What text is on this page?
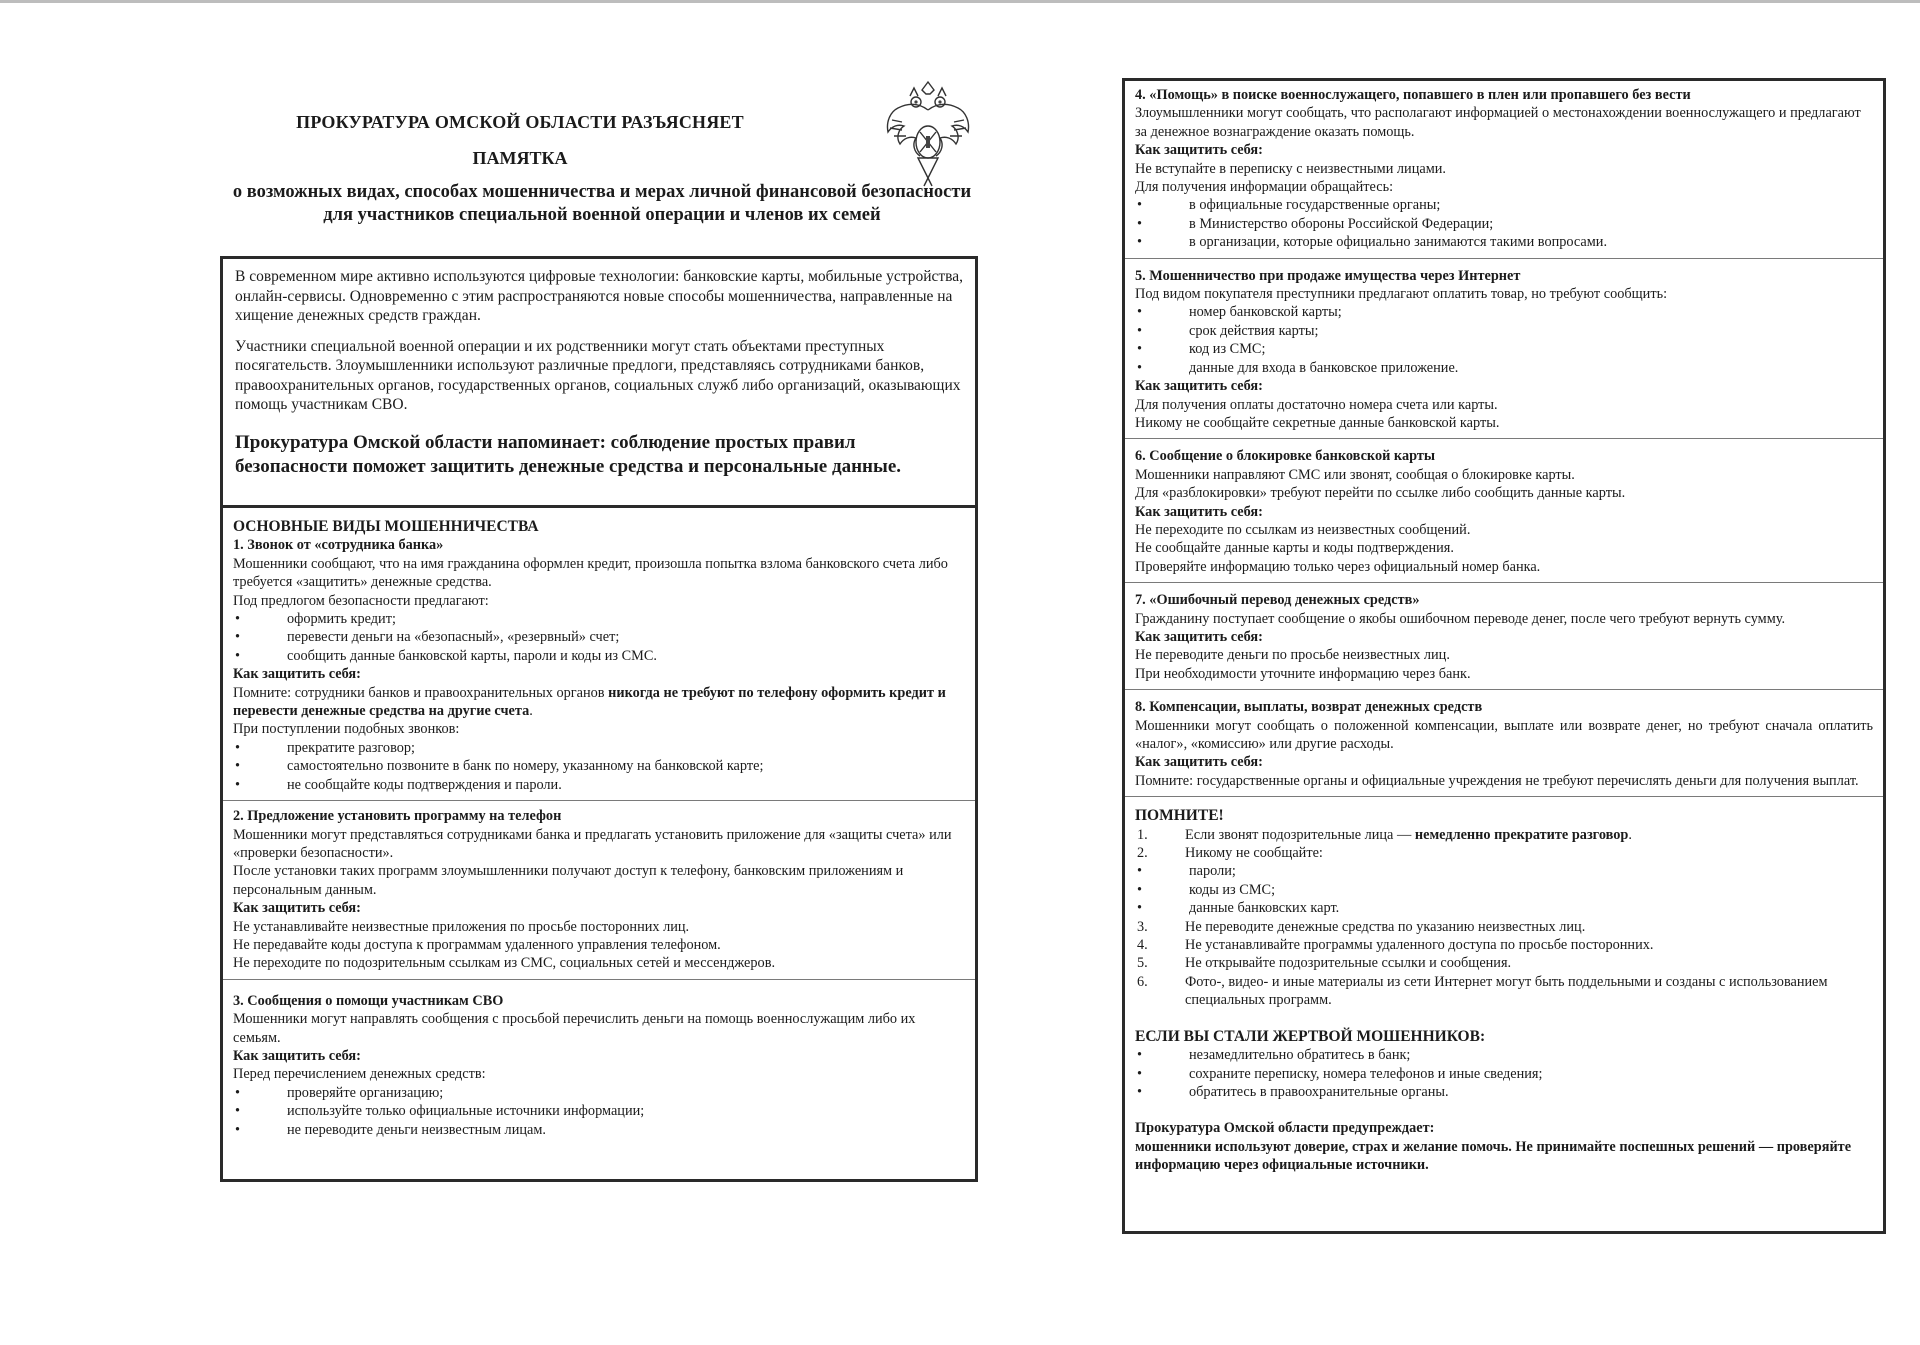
ПРОКУРАТУРА ОМСКОЙ ОБЛАСТИ РАЗЪЯСНЯЕТ
ПАМЯТКА
о возможных видах, способах мошенничества и мерах личной финансовой безопасности для участников специальной военной операции и членов их семей

В современном мире активно используются цифровые технологии: банковские карты, мобильные устройства, онлайн-сервисы. Одновременно с этим распространяются новые способы мошенничества, направленные на хищение денежных средств граждан.

Участники специальной военной операции и их родственники могут стать объектами преступных посягательств. Злоумышленники используют различные предлоги, представляясь сотрудниками банков, правоохранительных органов, государственных органов, социальных служб либо организаций, оказывающих помощь участникам СВО.

Прокуратура Омской области напоминает: соблюдение простых правил безопасности поможет защитить денежные средства и персональные данные.

ОСНОВНЫЕ ВИДЫ МОШЕННИЧЕСТВА
1. Звонок от «сотрудника банка»
Мошенники сообщают, что на имя гражданина оформлен кредит, произошла попытка взлома банковского счета либо требуется «защитить» денежные средства.
Под предлогом безопасности предлагают:
•	оформить кредит;
•	перевести деньги на «безопасный», «резервный» счет;
•	сообщить данные банковской карты, пароли и коды из СМС.
Как защитить себя:
Помните: сотрудники банков и правоохранительных органов никогда не требуют по телефону оформить кредит и перевести денежные средства на другие счета.
При поступлении подобных звонков:
•	прекратите разговор;
•	самостоятельно позвоните в банк по номеру, указанному на банковской карте;
•	не сообщайте коды подтверждения и пароли.
2. Предложение установить программу на телефон
Мошенники могут представляться сотрудниками банка и предлагать установить приложение для «защиты счета» или «проверки безопасности».
После установки таких программ злоумышленники получают доступ к телефону, банковским приложениям и персональным данным.
Как защитить себя:
Не устанавливайте неизвестные приложения по просьбе посторонних лиц.
Не передавайте коды доступа к программам удаленного управления телефоном.
Не переходите по подозрительным ссылкам из СМС, социальных сетей и мессенджеров.
3. Сообщения о помощи участникам СВО
Мошенники могут направлять сообщения с просьбой перечислить деньги на помощь военнослужащим либо их семьям.
Как защитить себя:
Перед перечислением денежных средств:
•	проверяйте организацию;
•	используйте только официальные источники информации;
•	не переводите деньги неизвестным лицам.
4. «Помощь» в поиске военнослужащего, попавшего в плен или пропавшего без вести
Злоумышленники могут сообщать, что располагают информацией о местонахождении военнослужащего и предлагают за денежное вознаграждение оказать помощь.
Как защитить себя:
Не вступайте в переписку с неизвестными лицами.
Для получения информации обращайтесь:
•	в официальные государственные органы;
•	в Министерство обороны Российской Федерации;
•	в организации, которые официально занимаются такими вопросами.
5. Мошенничество при продаже имущества через Интернет
Под видом покупателя преступники предлагают оплатить товар, но требуют сообщить:
•	номер банковской карты;
•	срок действия карты;
•	код из СМС;
•	данные для входа в банковское приложение.
Как защитить себя:
Для получения оплаты достаточно номера счета или карты.
Никому не сообщайте секретные данные банковской карты.
6. Сообщение о блокировке банковской карты
Мошенники направляют СМС или звонят, сообщая о блокировке карты.
Для «разблокировки» требуют перейти по ссылке либо сообщить данные карты.
Как защитить себя:
Не переходите по ссылкам из неизвестных сообщений.
Не сообщайте данные карты и коды подтверждения.
Проверяйте информацию только через официальный номер банка.
7. «Ошибочный перевод денежных средств»
Гражданину поступает сообщение о якобы ошибочном переводе денег, после чего требуют вернуть сумму.
Как защитить себя:
Не переводите деньги по просьбе неизвестных лиц.
При необходимости уточните информацию через банк.
8. Компенсации, выплаты, возврат денежных средств
Мошенники могут сообщать о положенной компенсации, выплате или возврате денег, но требуют сначала оплатить «налог», «комиссию» или другие расходы.
Как защитить себя:
Помните: государственные органы и официальные учреждения не требуют перечислять деньги для получения выплат.
ПОМНИТЕ!
1.	Если звонят подозрительные лица — немедленно прекратите разговор.
2.	Никому не сообщайте:
•	пароли;
•	коды из СМС;
•	данные банковских карт.
3.	Не переводите денежные средства по указанию неизвестных лиц.
4.	Не устанавливайте программы удаленного доступа по просьбе посторонних.
5.	Не открывайте подозрительные ссылки и сообщения.
6.	Фото-, видео- и иные материалы из сети Интернет могут быть поддельными и созданы с использованием специальных программ.
ЕСЛИ ВЫ СТАЛИ ЖЕРТВОЙ МОШЕННИКОВ:
•	незамедлительно обратитесь в банк;
•	сохраните переписку, номера телефонов и иные сведения;
•	обратитесь в правоохранительные органы.
Прокуратура Омской области предупреждает:
мошенники используют доверие, страх и желание помочь. Не принимайте поспешных решений — проверяйте информацию через официальные источники.
